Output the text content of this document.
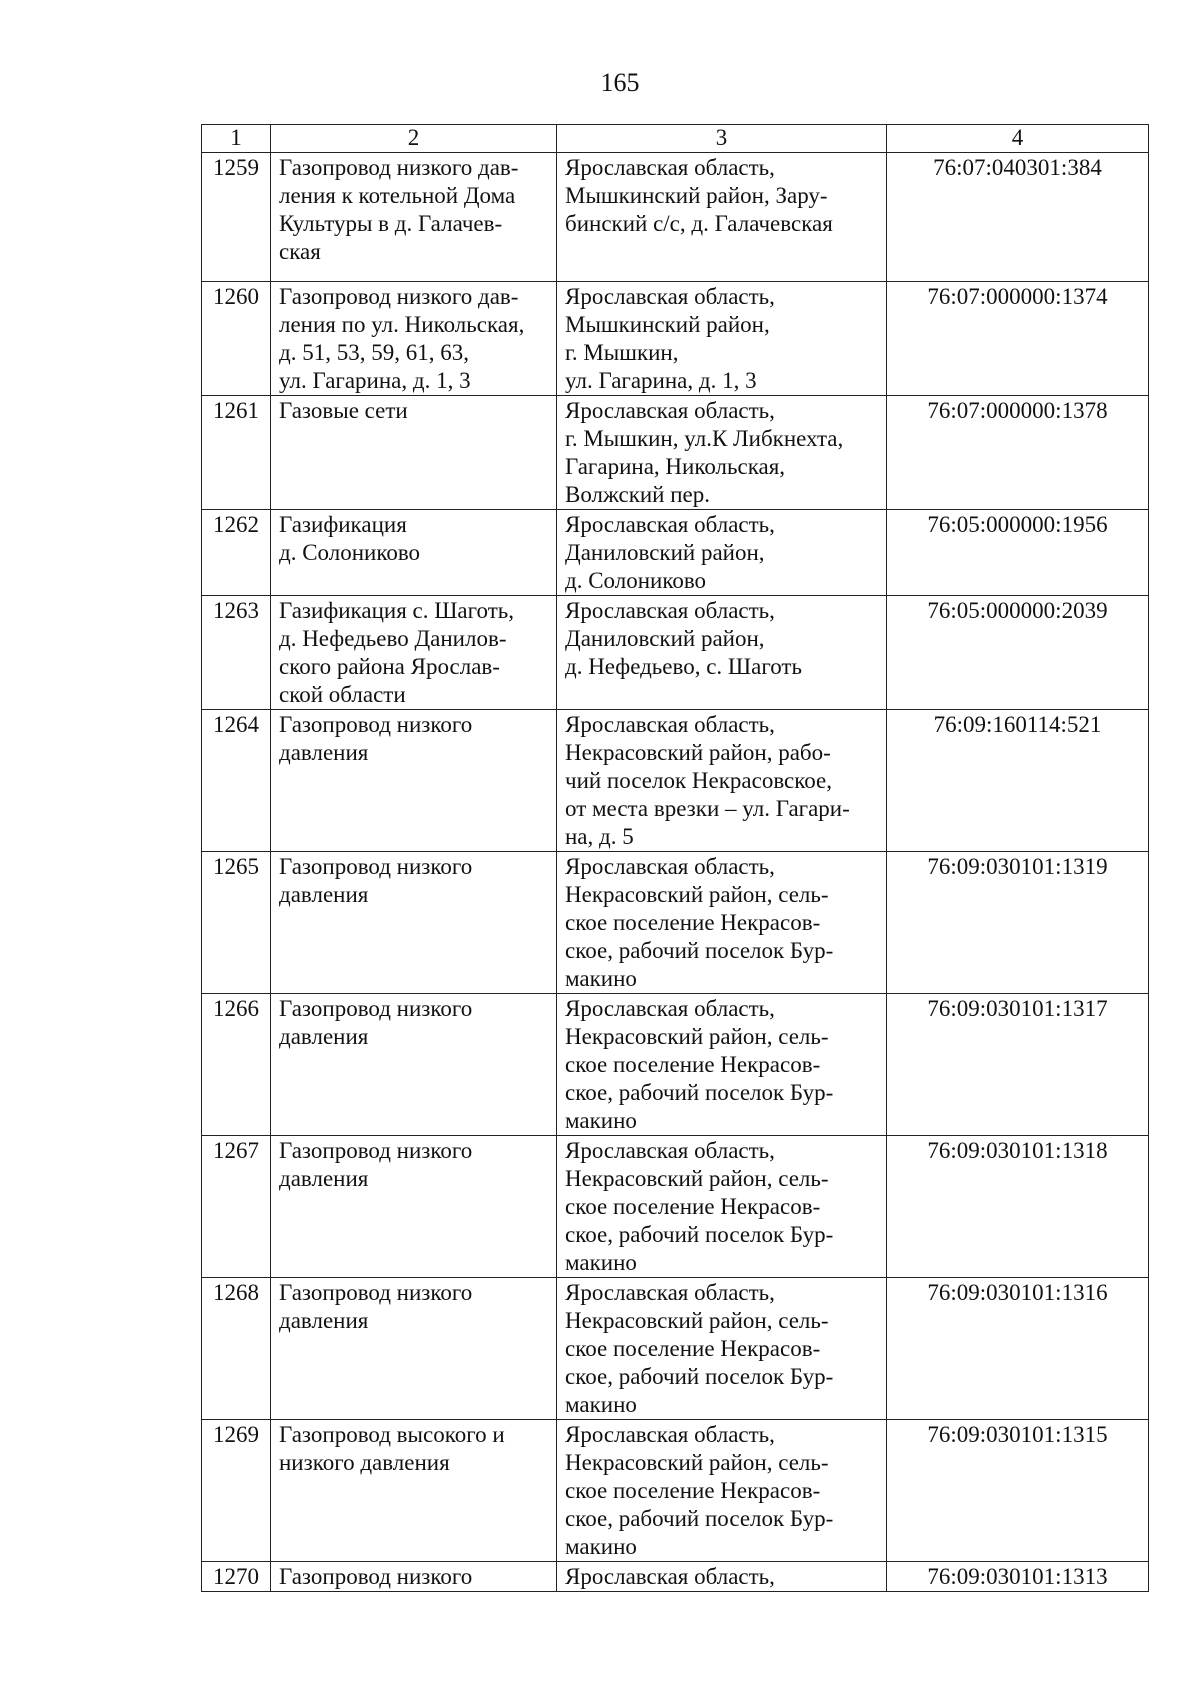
165
1	2	3	4
1259	Газопровод низкого дав-
ления к котельной Дома
Культуры в д. Галачев-
ская	Ярославская область,
Мышкинский район, Зару-
бинский с/с, д. Галачевская	76:07:040301:384
1260	Газопровод низкого дав-
ления по ул. Никольская,
д. 51, 53, 59, 61, 63,
ул. Гагарина, д. 1, 3	Ярославская область,
Мышкинский район,
г. Мышкин,
ул. Гагарина, д. 1, 3	76:07:000000:1374
1261	Газовые сети	Ярославская область,
г. Мышкин, ул.К Либкнехта,
Гагарина, Никольская,
Волжский пер.	76:07:000000:1378
1262	Газификация
д. Солониково	Ярославская область,
Даниловский район,
д. Солониково	76:05:000000:1956
1263	Газификация с. Шаготь,
д. Нефедьево Данилов-
ского района Ярослав-
ской области	Ярославская область,
Даниловский район,
д. Нефедьево, с. Шаготь	76:05:000000:2039
1264	Газопровод низкого
давления	Ярославская область,
Некрасовский район, рабо-
чий поселок Некрасовское,
от места врезки – ул. Гагари-
на, д. 5	76:09:160114:521
1265	Газопровод низкого
давления	Ярославская область,
Некрасовский район, сель-
ское поселение Некрасов-
ское, рабочий поселок Бур-
макино	76:09:030101:1319
1266	Газопровод низкого
давления	Ярославская область,
Некрасовский район, сель-
ское поселение Некрасов-
ское, рабочий поселок Бур-
макино	76:09:030101:1317
1267	Газопровод низкого
давления	Ярославская область,
Некрасовский район, сель-
ское поселение Некрасов-
ское, рабочий поселок Бур-
макино	76:09:030101:1318
1268	Газопровод низкого
давления	Ярославская область,
Некрасовский район, сель-
ское поселение Некрасов-
ское, рабочий поселок Бур-
макино	76:09:030101:1316
1269	Газопровод высокого и
низкого давления	Ярославская область,
Некрасовский район, сель-
ское поселение Некрасов-
ское, рабочий поселок Бур-
макино	76:09:030101:1315
1270	Газопровод низкого	Ярославская область,	76:09:030101:1313
